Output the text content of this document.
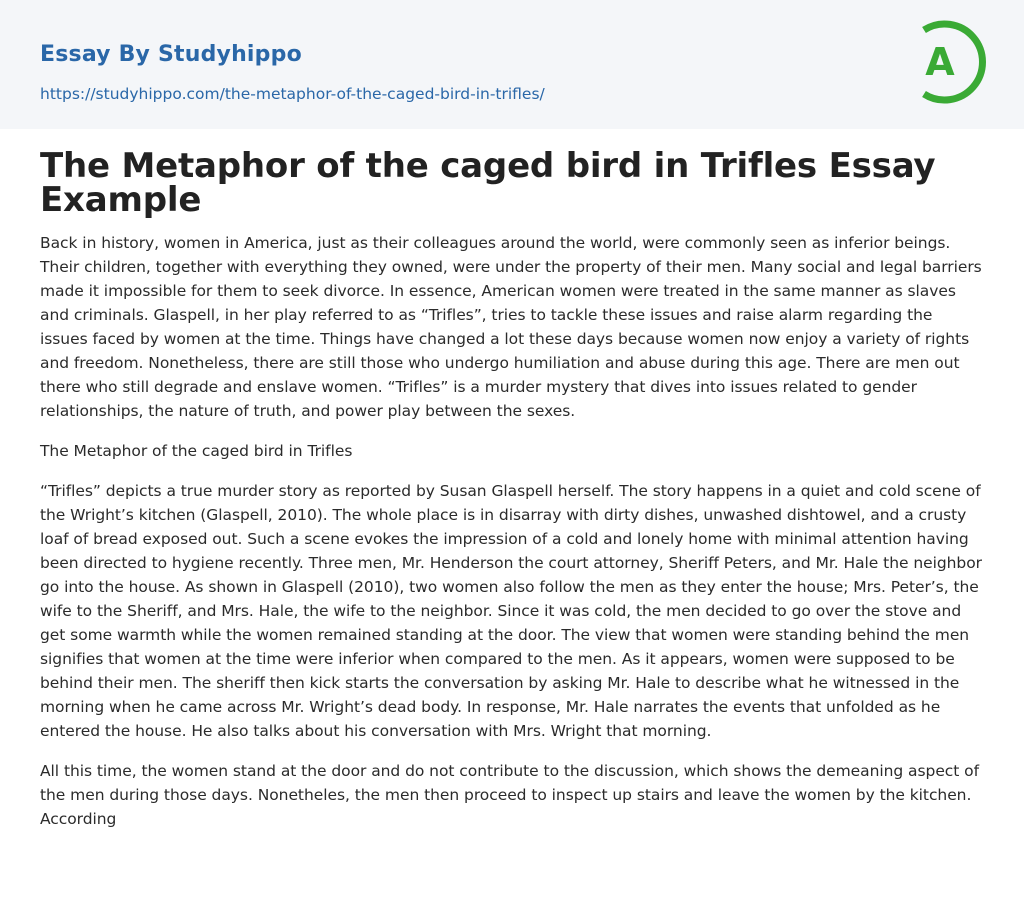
Essay By Studyhippo
https://studyhippo.com/the-metaphor-of-the-caged-bird-in-trifles/
A
The Metaphor of the caged bird in Trifles Essay Example

Back in history, women in America, just as their colleagues around the world, were commonly seen as inferior beings. Their children, together with everything they owned, were under the property of their men. Many social and legal barriers made it impossible for them to seek divorce. In essence, American women were treated in the same manner as slaves and criminals. Glaspell, in her play referred to as “Trifles”, tries to tackle these issues and raise alarm regarding the issues faced by women at the time. Things have changed a lot these days because women now enjoy a variety of rights and freedom. Nonetheless, there are still those who undergo humiliation and abuse during this age. There are men out there who still degrade and enslave women. “Trifles” is a murder mystery that dives into issues related to gender relationships, the nature of truth, and power play between the sexes.

The Metaphor of the caged bird in Trifles

“Trifles” depicts a true murder story as reported by Susan Glaspell herself. The story happens in a quiet and cold scene of the Wright’s kitchen (Glaspell, 2010). The whole place is in disarray with dirty dishes, unwashed dishtowel, and a crusty loaf of bread exposed out. Such a scene evokes the impression of a cold and lonely home with minimal attention having been directed to hygiene recently. Three men, Mr. Henderson the court attorney, Sheriff Peters, and Mr. Hale the neighbor go into the house. As shown in Glaspell (2010), two women also follow the men as they enter the house; Mrs. Peter’s, the wife to the Sheriff, and Mrs. Hale, the wife to the neighbor. Since it was cold, the men decided to go over the stove and get some warmth while the women remained standing at the door. The view that women were standing behind the men signifies that women at the time were inferior when compared to the men. As it appears, women were supposed to be behind their men. The sheriff then kick starts the conversation by asking Mr. Hale to describe what he witnessed in the morning when he came across Mr. Wright’s dead body. In response, Mr. Hale narrates the events that unfolded as he entered the house. He also talks about his conversation with Mrs. Wright that morning.

All this time, the women stand at the door and do not contribute to the discussion, which shows the demeaning aspect of the men during those days. Nonetheles, the men then proceed to inspect up stairs and leave the women by the kitchen. According
